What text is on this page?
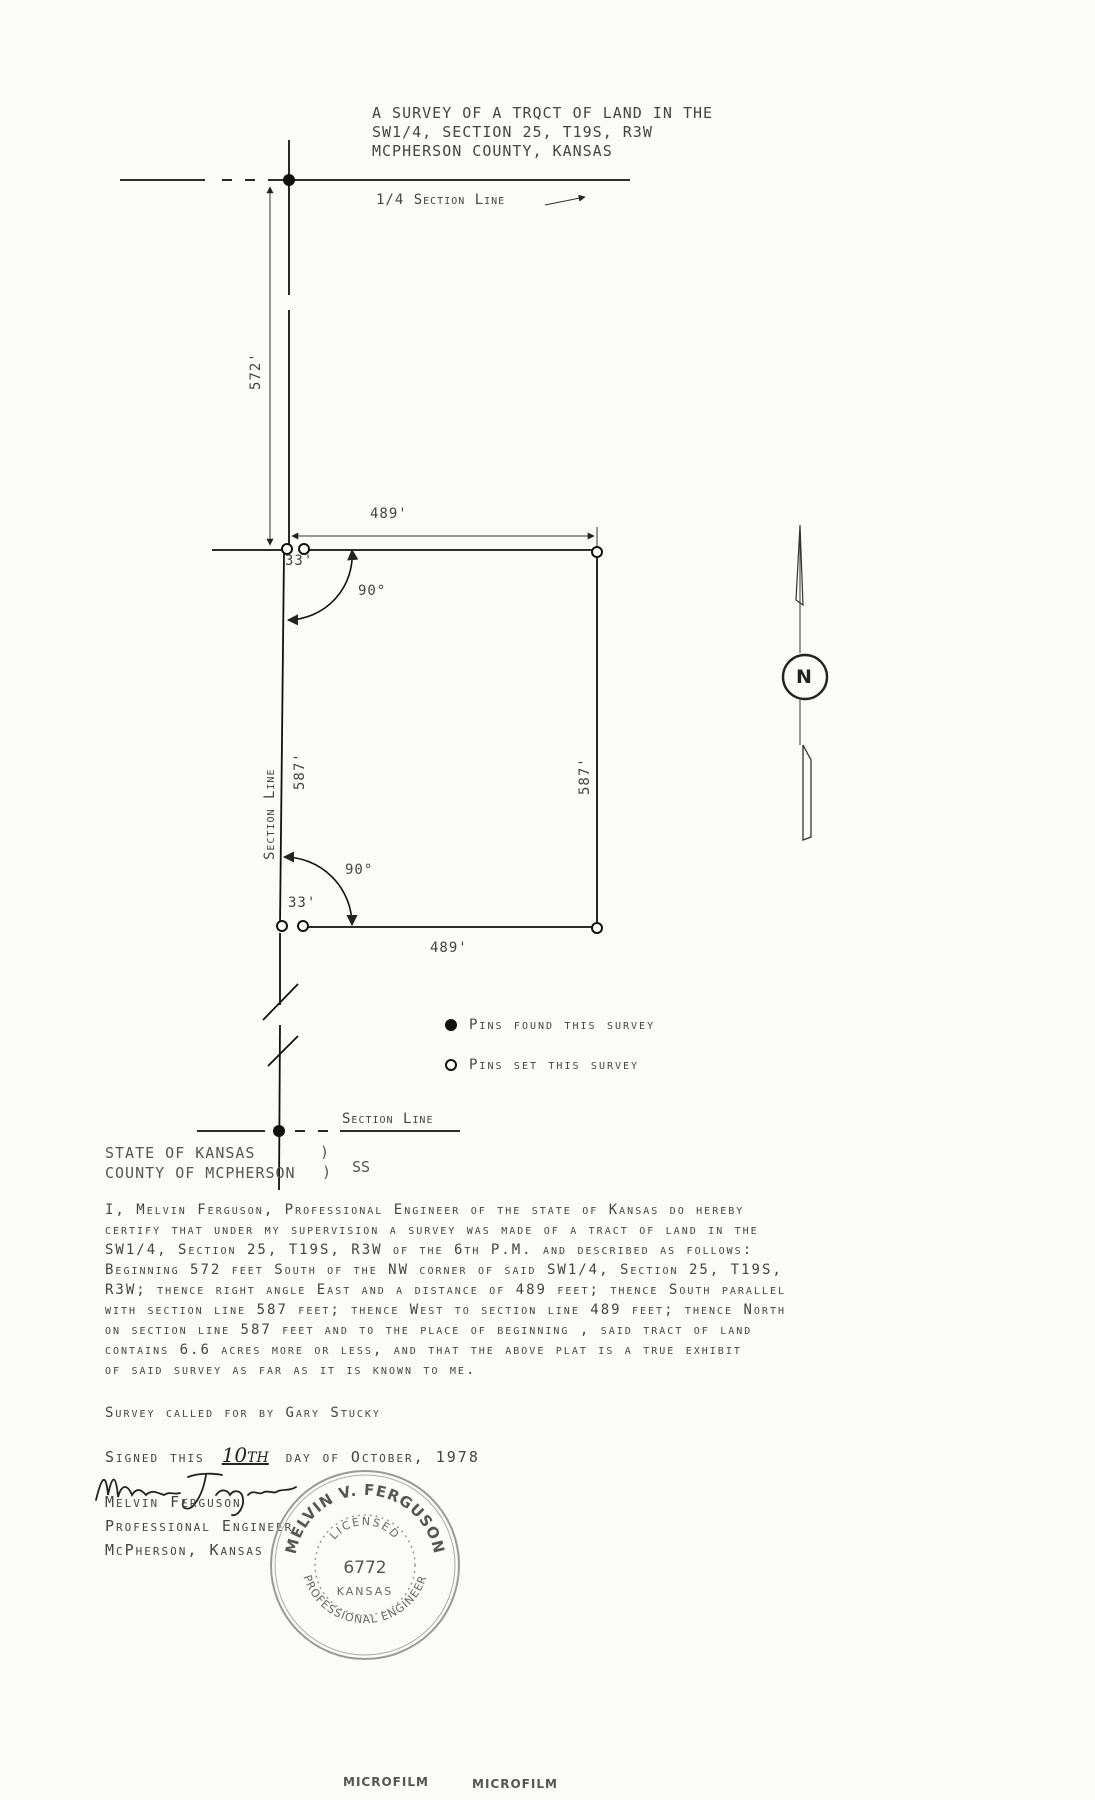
A SURVEY OF A TRQCT OF LAND IN THE
SW1/4, SECTION 25, T19S, R3W
MCPHERSON COUNTY, KANSAS
1/4 Section Line
572'
489'
33'
90°
Section Line 587'	587'
90°
33'
489'
N
Section Line
Pins found this survey
Pins set this survey
STATE OF KANSAS
COUNTY OF MCPHERSON
)
) SS
I, Melvin Ferguson, Professional Engineer of the state of Kansas do hereby
certify that under my supervision a survey was made of a tract of land in the
SW1/4, Section 25, T19S, R3W of the 6th P.M. and described as follows:
Beginning 572 feet South of the NW corner of said SW1/4, Section 25, T19S,
R3W; thence right angle East and a distance of 489 feet; thence South parallel
with section line 587 feet; thence West to section line 489 feet; thence North
on section line 587 feet and to the place of beginning , said tract of land
contains 6.6 acres more or less, and that the above plat is a true exhibit
of said survey as far as it is known to me.
Survey called for by Gary Stucky
Signed this 10th day of October, 1978
Melvin Ferguson
Professional Engineer
McPherson, Kansas	MELVIN V. FERGUSON
LICENSED
6772
KANSAS
PROFESSIONAL ENGINEER
MICROFILM	MICROFILM
